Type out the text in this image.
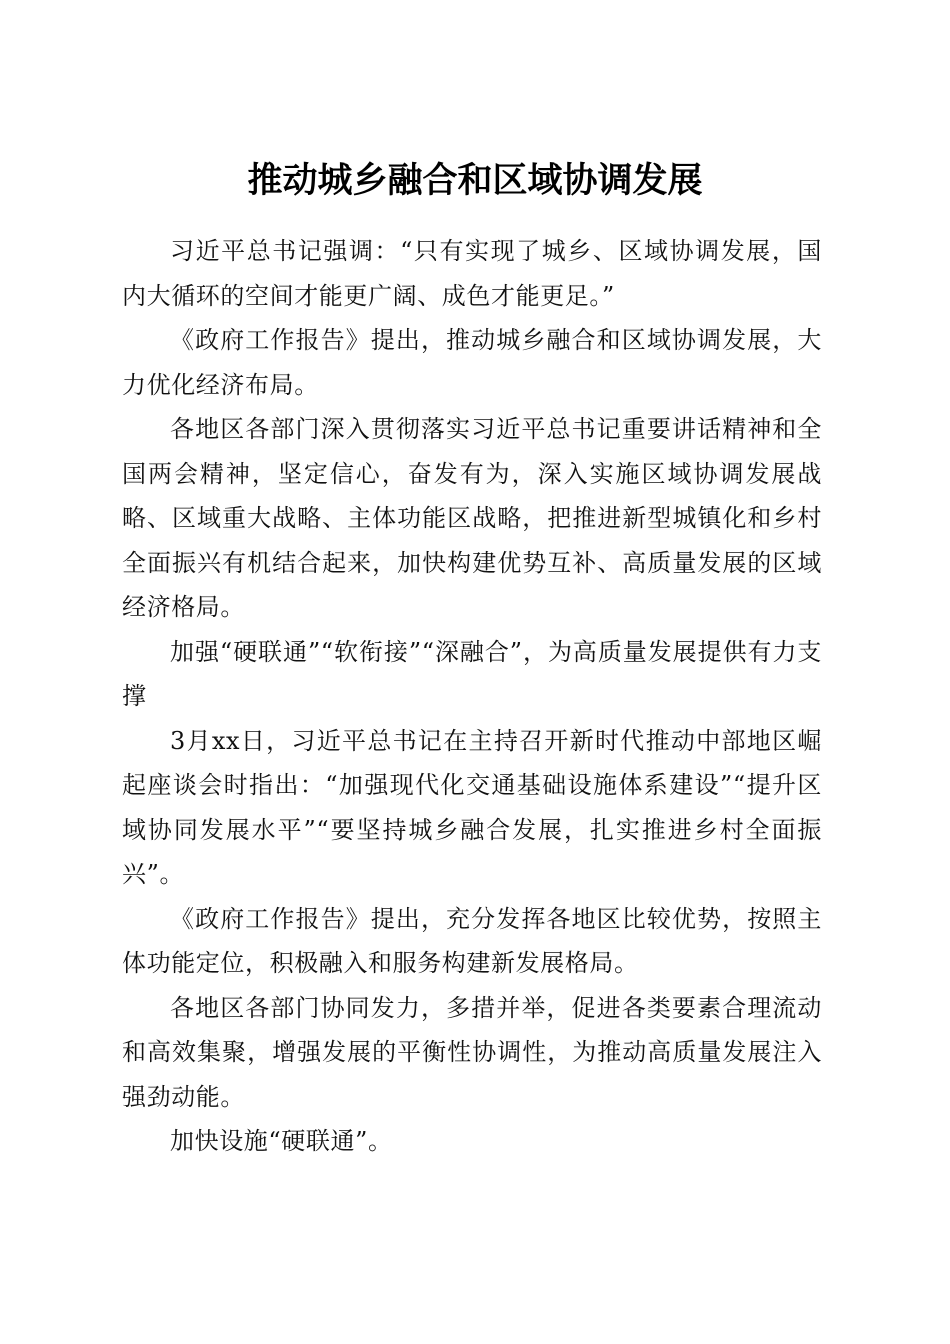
推动城乡融合和区域协调发展

习近平总书记强调：“只有实现了城乡、区域协调发展，国内大循环的空间才能更广阔、成色才能更足。”

《政府工作报告》提出，推动城乡融合和区域协调发展，大力优化经济布局。

各地区各部门深入贯彻落实习近平总书记重要讲话精神和全国两会精神，坚定信心，奋发有为，深入实施区域协调发展战略、区域重大战略、主体功能区战略，把推进新型城镇化和乡村全面振兴有机结合起来，加快构建优势互补、高质量发展的区域经济格局。

加强“硬联通”“软衔接”“深融合”，为高质量发展提供有力支撑

3月xx日，习近平总书记在主持召开新时代推动中部地区崛起座谈会时指出：“加强现代化交通基础设施体系建设”“提升区域协同发展水平”“要坚持城乡融合发展，扎实推进乡村全面振兴”。

《政府工作报告》提出，充分发挥各地区比较优势，按照主体功能定位，积极融入和服务构建新发展格局。

各地区各部门协同发力，多措并举，促进各类要素合理流动和高效集聚，增强发展的平衡性协调性，为推动高质量发展注入强劲动能。

加快设施“硬联通”。
